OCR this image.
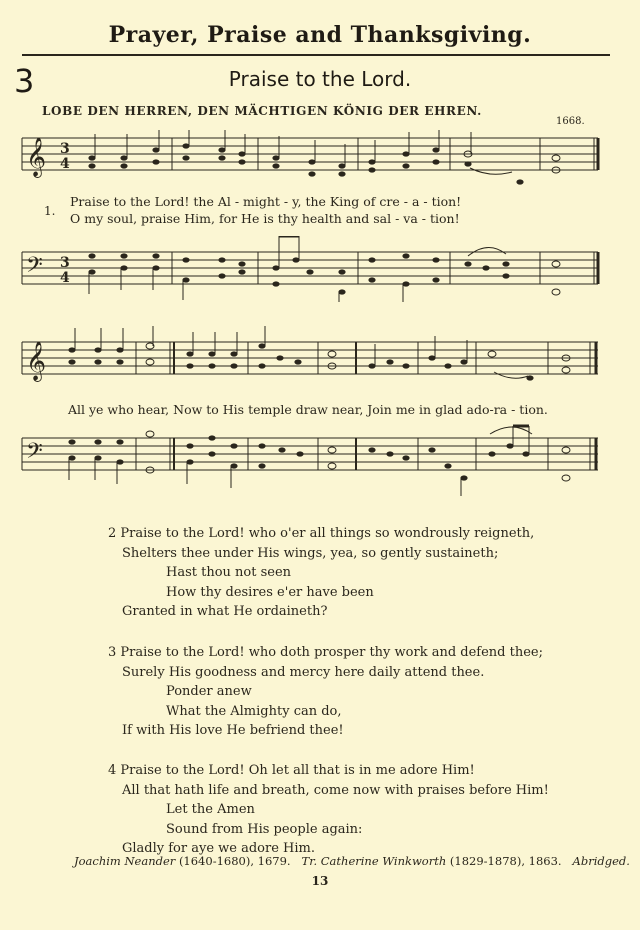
Prayer, Praise and Thanksgiving.
3	Praise to the Lord.
LOBE DEN HERREN, DEN MÄCHTIGEN KÖNIG DER EHREN.
1668.
𝄞 3
4
1.
Praise to the Lord! the Al - might - y, the King of cre - a - tion!
O my soul, praise Him, for He is thy health and sal - va - tion!
𝄢 3
4
𝄞
All ye who hear, Now to His temple draw near, Join me in glad ado-ra - tion.
𝄢
2 Praise to the Lord! who o'er all things so wondrously reigneth,
Shelters thee under His wings, yea, so gently sustaineth;
Hast thou not seen
How thy desires e'er have been
Granted in what He ordaineth?
3 Praise to the Lord! who doth prosper thy work and defend thee;
Surely His goodness and mercy here daily attend thee.
Ponder anew
What the Almighty can do,
If with His love He befriend thee!
4 Praise to the Lord! Oh let all that is in me adore Him!
All that hath life and breath, come now with praises before Him!
Let the Amen
Sound from His people again:
Gladly for aye we adore Him.
Joachim Neander (1640-1680), 1679. Tr. Catherine Winkworth (1829-1878), 1863. Abridged.
13
